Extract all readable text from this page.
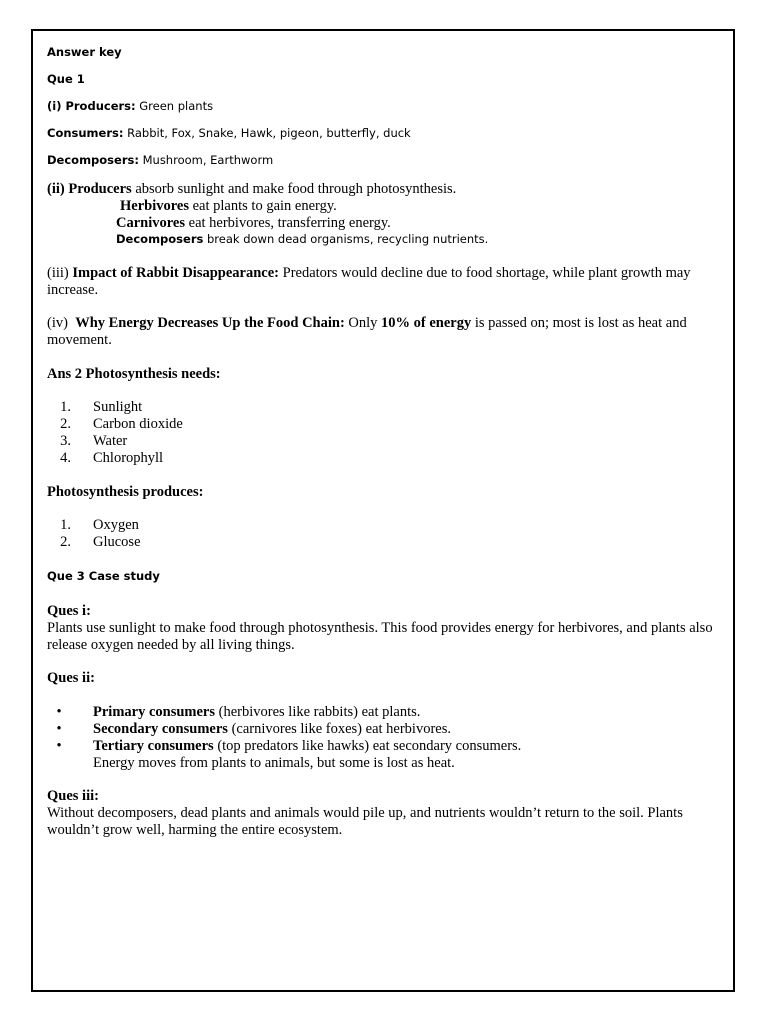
Answer key
Que 1
(i) Producers: Green plants
Consumers: Rabbit, Fox, Snake, Hawk, pigeon, butterfly, duck
Decomposers: Mushroom, Earthworm
(ii) Producers absorb sunlight and make food through photosynthesis.
Herbivores eat plants to gain energy.
Carnivores eat herbivores, transferring energy.
Decomposers break down dead organisms, recycling nutrients.
(iii) Impact of Rabbit Disappearance: Predators would decline due to food shortage, while plant growth may increase.
(iv) Why Energy Decreases Up the Food Chain: Only 10% of energy is passed on; most is lost as heat and movement.
Ans 2 Photosynthesis needs:
1. Sunlight
2. Carbon dioxide
3. Water
4. Chlorophyll
Photosynthesis produces:
1. Oxygen
2. Glucose
Que 3 Case study
Ques i:
Plants use sunlight to make food through photosynthesis. This food provides energy for herbivores, and plants also release oxygen needed by all living things.
Ques ii:
• Primary consumers (herbivores like rabbits) eat plants.
• Secondary consumers (carnivores like foxes) eat herbivores.
• Tertiary consumers (top predators like hawks) eat secondary consumers.
Energy moves from plants to animals, but some is lost as heat.
Ques iii:
Without decomposers, dead plants and animals would pile up, and nutrients wouldn’t return to the soil. Plants wouldn’t grow well, harming the entire ecosystem.
